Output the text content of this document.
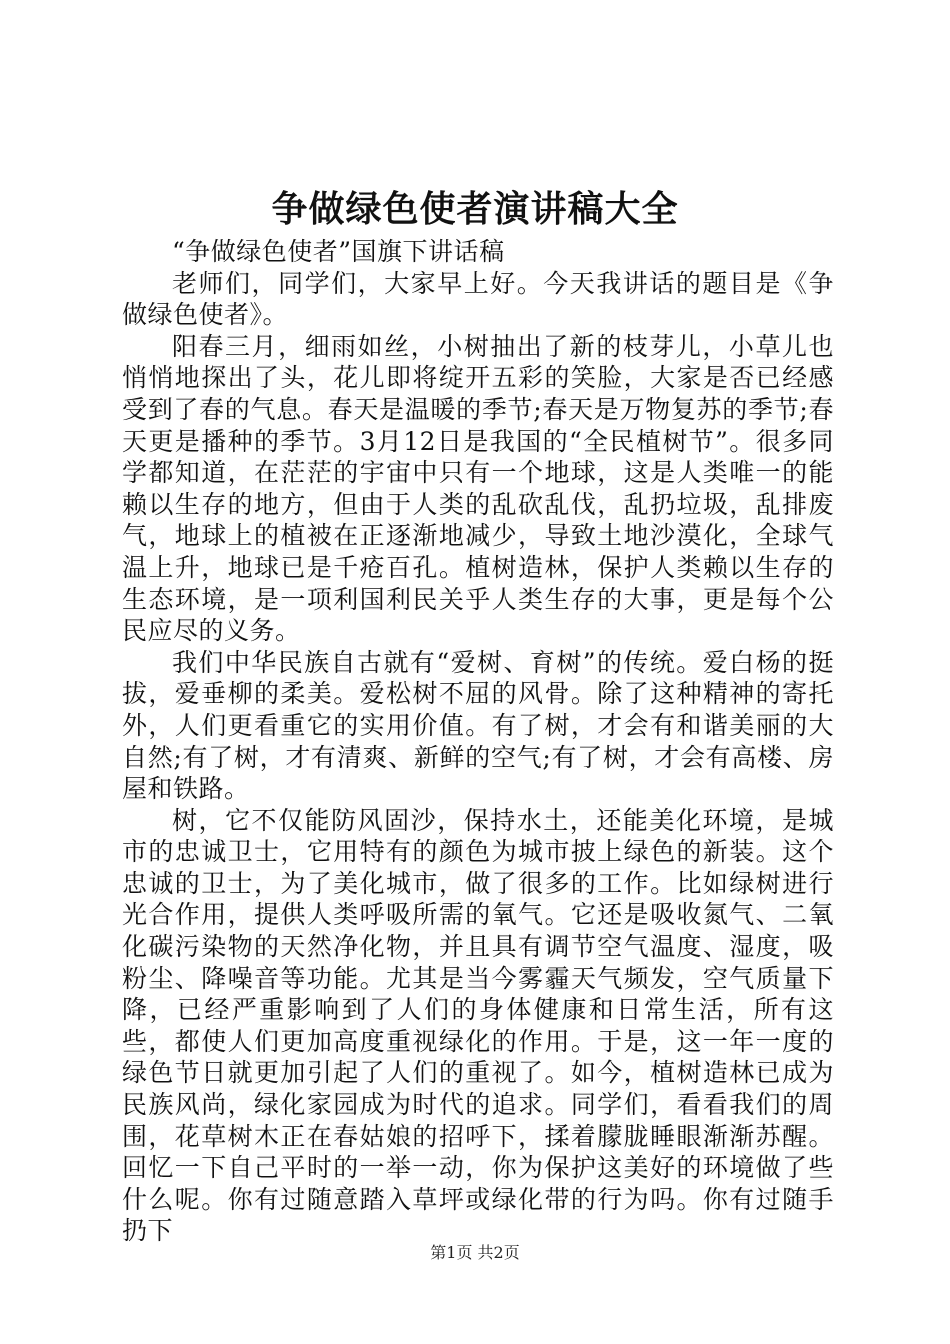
争做绿色使者演讲稿大全

“争做绿色使者”国旗下讲话稿

老师们，同学们，大家早上好。今天我讲话的题目是《争做绿色使者》。

阳春三月，细雨如丝，小树抽出了新的枝芽儿，小草儿也悄悄地探出了头，花儿即将绽开五彩的笑脸，大家是否已经感受到了春的气息。春天是温暖的季节;春天是万物复苏的季节;春天更是播种的季节。3月12日是我国的“全民植树节”。很多同学都知道，在茫茫的宇宙中只有一个地球，这是人类唯一的能赖以生存的地方，但由于人类的乱砍乱伐，乱扔垃圾，乱排废气，地球上的植被在正逐渐地减少，导致土地沙漠化，全球气温上升，地球已是千疮百孔。植树造林，保护人类赖以生存的生态环境，是一项利国利民关乎人类生存的大事，更是每个公民应尽的义务。

我们中华民族自古就有“爱树、育树”的传统。爱白杨的挺拔，爱垂柳的柔美。爱松树不屈的风骨。除了这种精神的寄托外，人们更看重它的实用价值。有了树，才会有和谐美丽的大自然;有了树，才有清爽、新鲜的空气;有了树，才会有高楼、房屋和铁路。

树，它不仅能防风固沙，保持水土，还能美化环境，是城市的忠诚卫士，它用特有的颜色为城市披上绿色的新装。这个忠诚的卫士，为了美化城市，做了很多的工作。比如绿树进行光合作用，提供人类呼吸所需的氧气。它还是吸收氮气、二氧化碳污染物的天然净化物，并且具有调节空气温度、湿度，吸粉尘、降噪音等功能。尤其是当今雾霾天气频发，空气质量下降，已经严重影响到了人们的身体健康和日常生活，所有这些，都使人们更加高度重视绿化的作用。于是，这一年一度的绿色节日就更加引起了人们的重视了。如今，植树造林已成为民族风尚，绿化家园成为时代的追求。同学们，看看我们的周围，花草树木正在春姑娘的招呼下，揉着朦胧睡眼渐渐苏醒。回忆一下自己平时的一举一动，你为保护这美好的环境做了些什么呢。你有过随意踏入草坪或绿化带的行为吗。你有过随手扔下

第1页 共2页
